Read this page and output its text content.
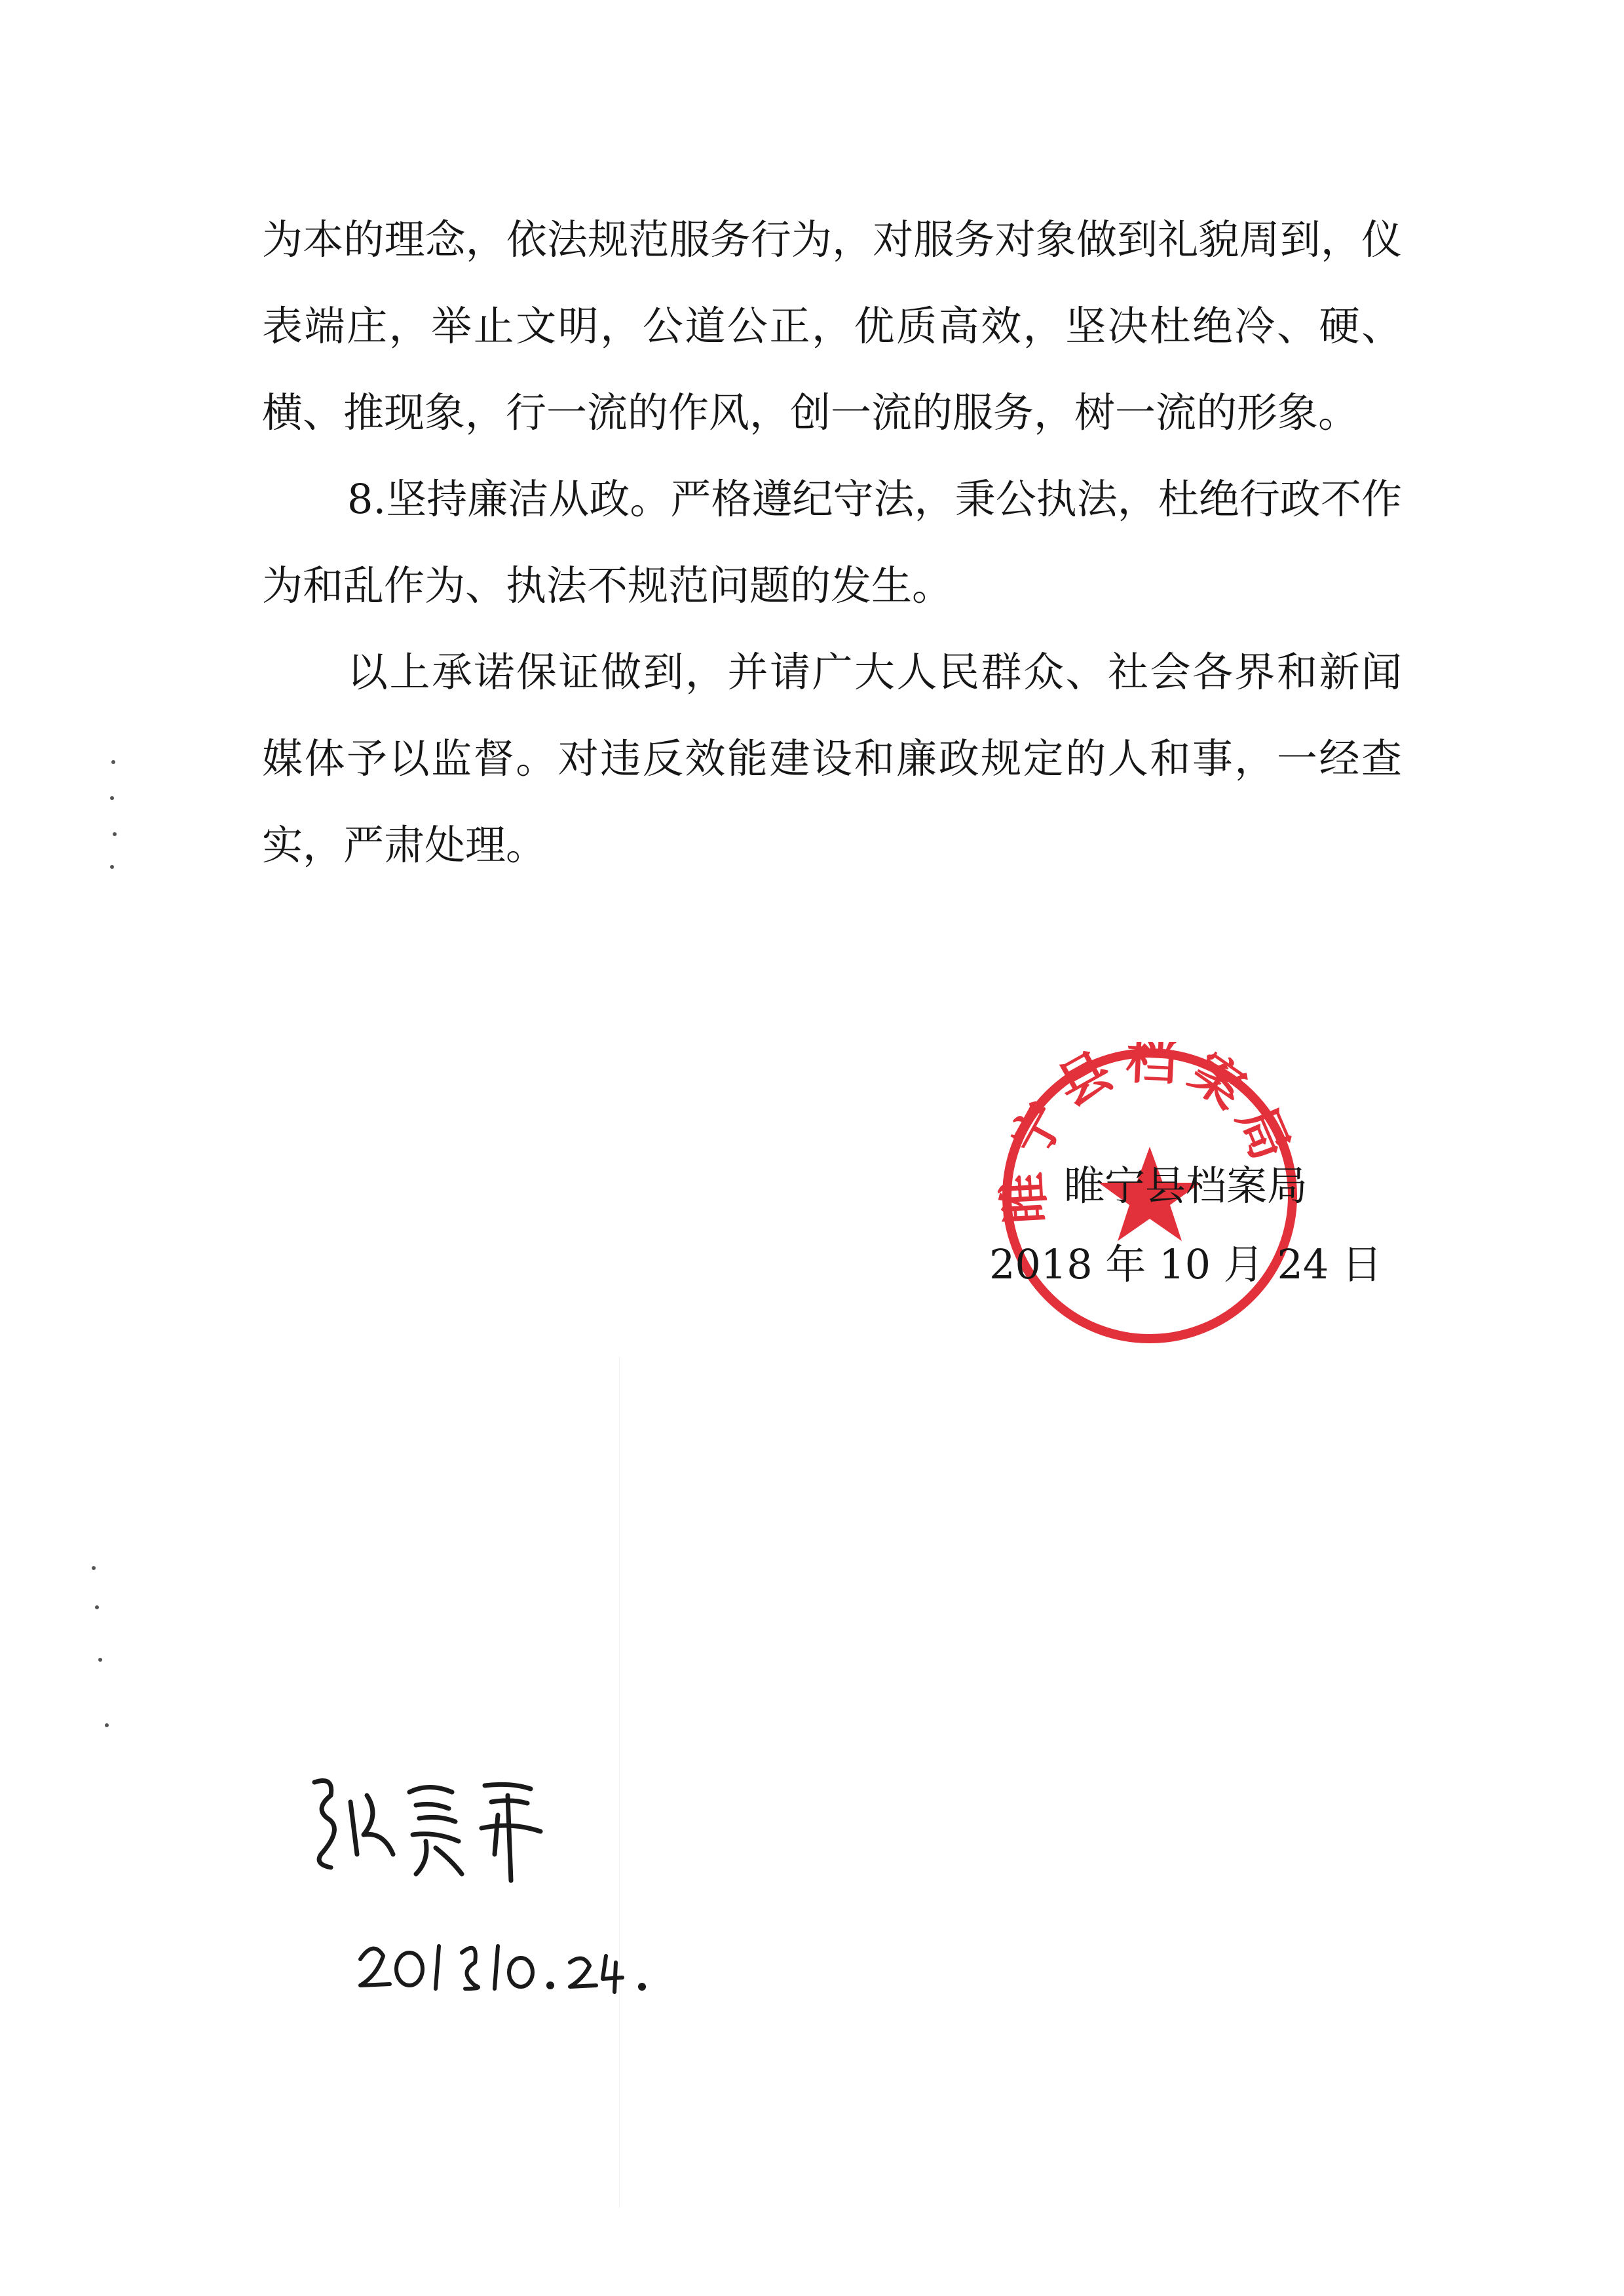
为本的理念，依法规范服务行为，对服务对象做到礼貌周到，仪表端庄，举止文明，公道公正，优质高效，坚决杜绝冷、硬、横、推现象，行一流的作风，创一流的服务，树一流的形象。

8.坚持廉洁从政。严格遵纪守法，秉公执法，杜绝行政不作为和乱作为、执法不规范问题的发生。

以上承诺保证做到，并请广大人民群众、社会各界和新闻媒体予以监督。对违反效能建设和廉政规定的人和事，一经查实，严肃处理。

睢宁县档案局
睢宁县档案局
2018 年 10 月 24 日
